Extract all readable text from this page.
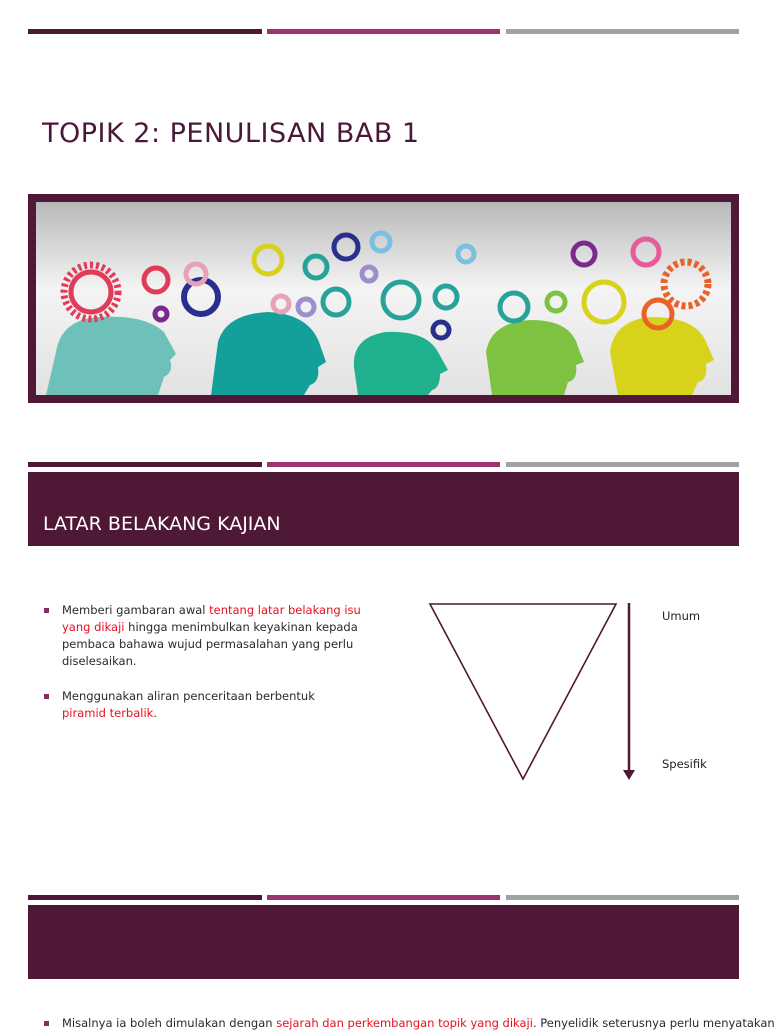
TOPIK 2: PENULISAN BAB 1
LATAR BELAKANG KAJIAN
Memberi gambaran awal tentang latar belakang isu yang dikaji hingga menimbulkan keyakinan kepada pembaca bahawa wujud permasalahan yang perlu diselesaikan.
Menggunakan aliran penceritaan berbentuk piramid terbalik.
Umum
Spesifik
Misalnya ia boleh dimulakan dengan sejarah dan perkembangan topik yang dikaji. Penyelidik seterusnya perlu menyatakan
